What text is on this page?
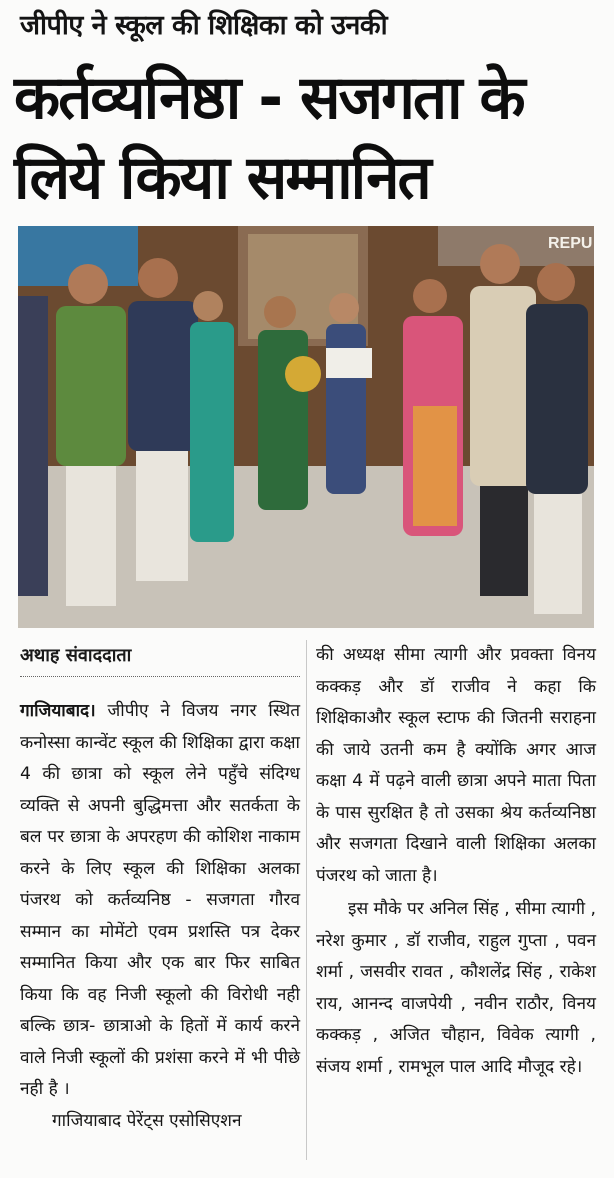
जीपीए ने स्कूल की शिक्षिका को उनकी
कर्तव्यनिष्ठा - सजगता के
लिये किया सम्मानित
REPU
अथाह संवाददाता

गाजियाबाद। जीपीए ने विजय नगर स्थित कनोस्सा कान्वेंट स्कूल की शिक्षिका द्वारा कक्षा 4 की छात्रा को स्कूल लेने पहुँचे संदिग्ध व्यक्ति से अपनी बुद्धिमत्ता और सतर्कता के बल पर छात्रा के अपरहण की कोशिश नाकाम करने के लिए स्कूल की शिक्षिका अलका पंजरथ को कर्तव्यनिष्ठ - सजगता गौरव सम्मान का मोमेंटो एवम प्रशस्ति पत्र देकर सम्मानित किया और एक बार फिर साबित किया कि वह निजी स्कूलो की विरोधी नही बल्कि छात्र- छात्राओ के हितों में कार्य करने वाले निजी स्कूलों की प्रशंसा करने में भी पीछे नही है ।

गाजियाबाद पेरेंट्स एसोसिएशन

की अध्यक्ष सीमा त्यागी और प्रवक्ता विनय कक्कड़ और डॉ राजीव ने कहा कि शिक्षिकाऔर स्कूल स्टाफ की जितनी सराहना की जाये उतनी कम है क्योंकि अगर आज कक्षा 4 में पढ़ने वाली छात्रा अपने माता पिता के पास सुरक्षित है तो उसका श्रेय कर्तव्यनिष्ठा और सजगता दिखाने वाली शिक्षिका अलका पंजरथ को जाता है।

इस मौके पर अनिल सिंह , सीमा त्यागी , नरेश कुमार , डॉ राजीव, राहुल गुप्ता , पवन शर्मा , जसवीर रावत , कौशलेंद्र सिंह , राकेश राय, आनन्द वाजपेयी , नवीन राठौर, विनय कक्कड़ , अजित चौहान, विवेक त्यागी , संजय शर्मा , रामभूल पाल आदि मौजूद रहे।
